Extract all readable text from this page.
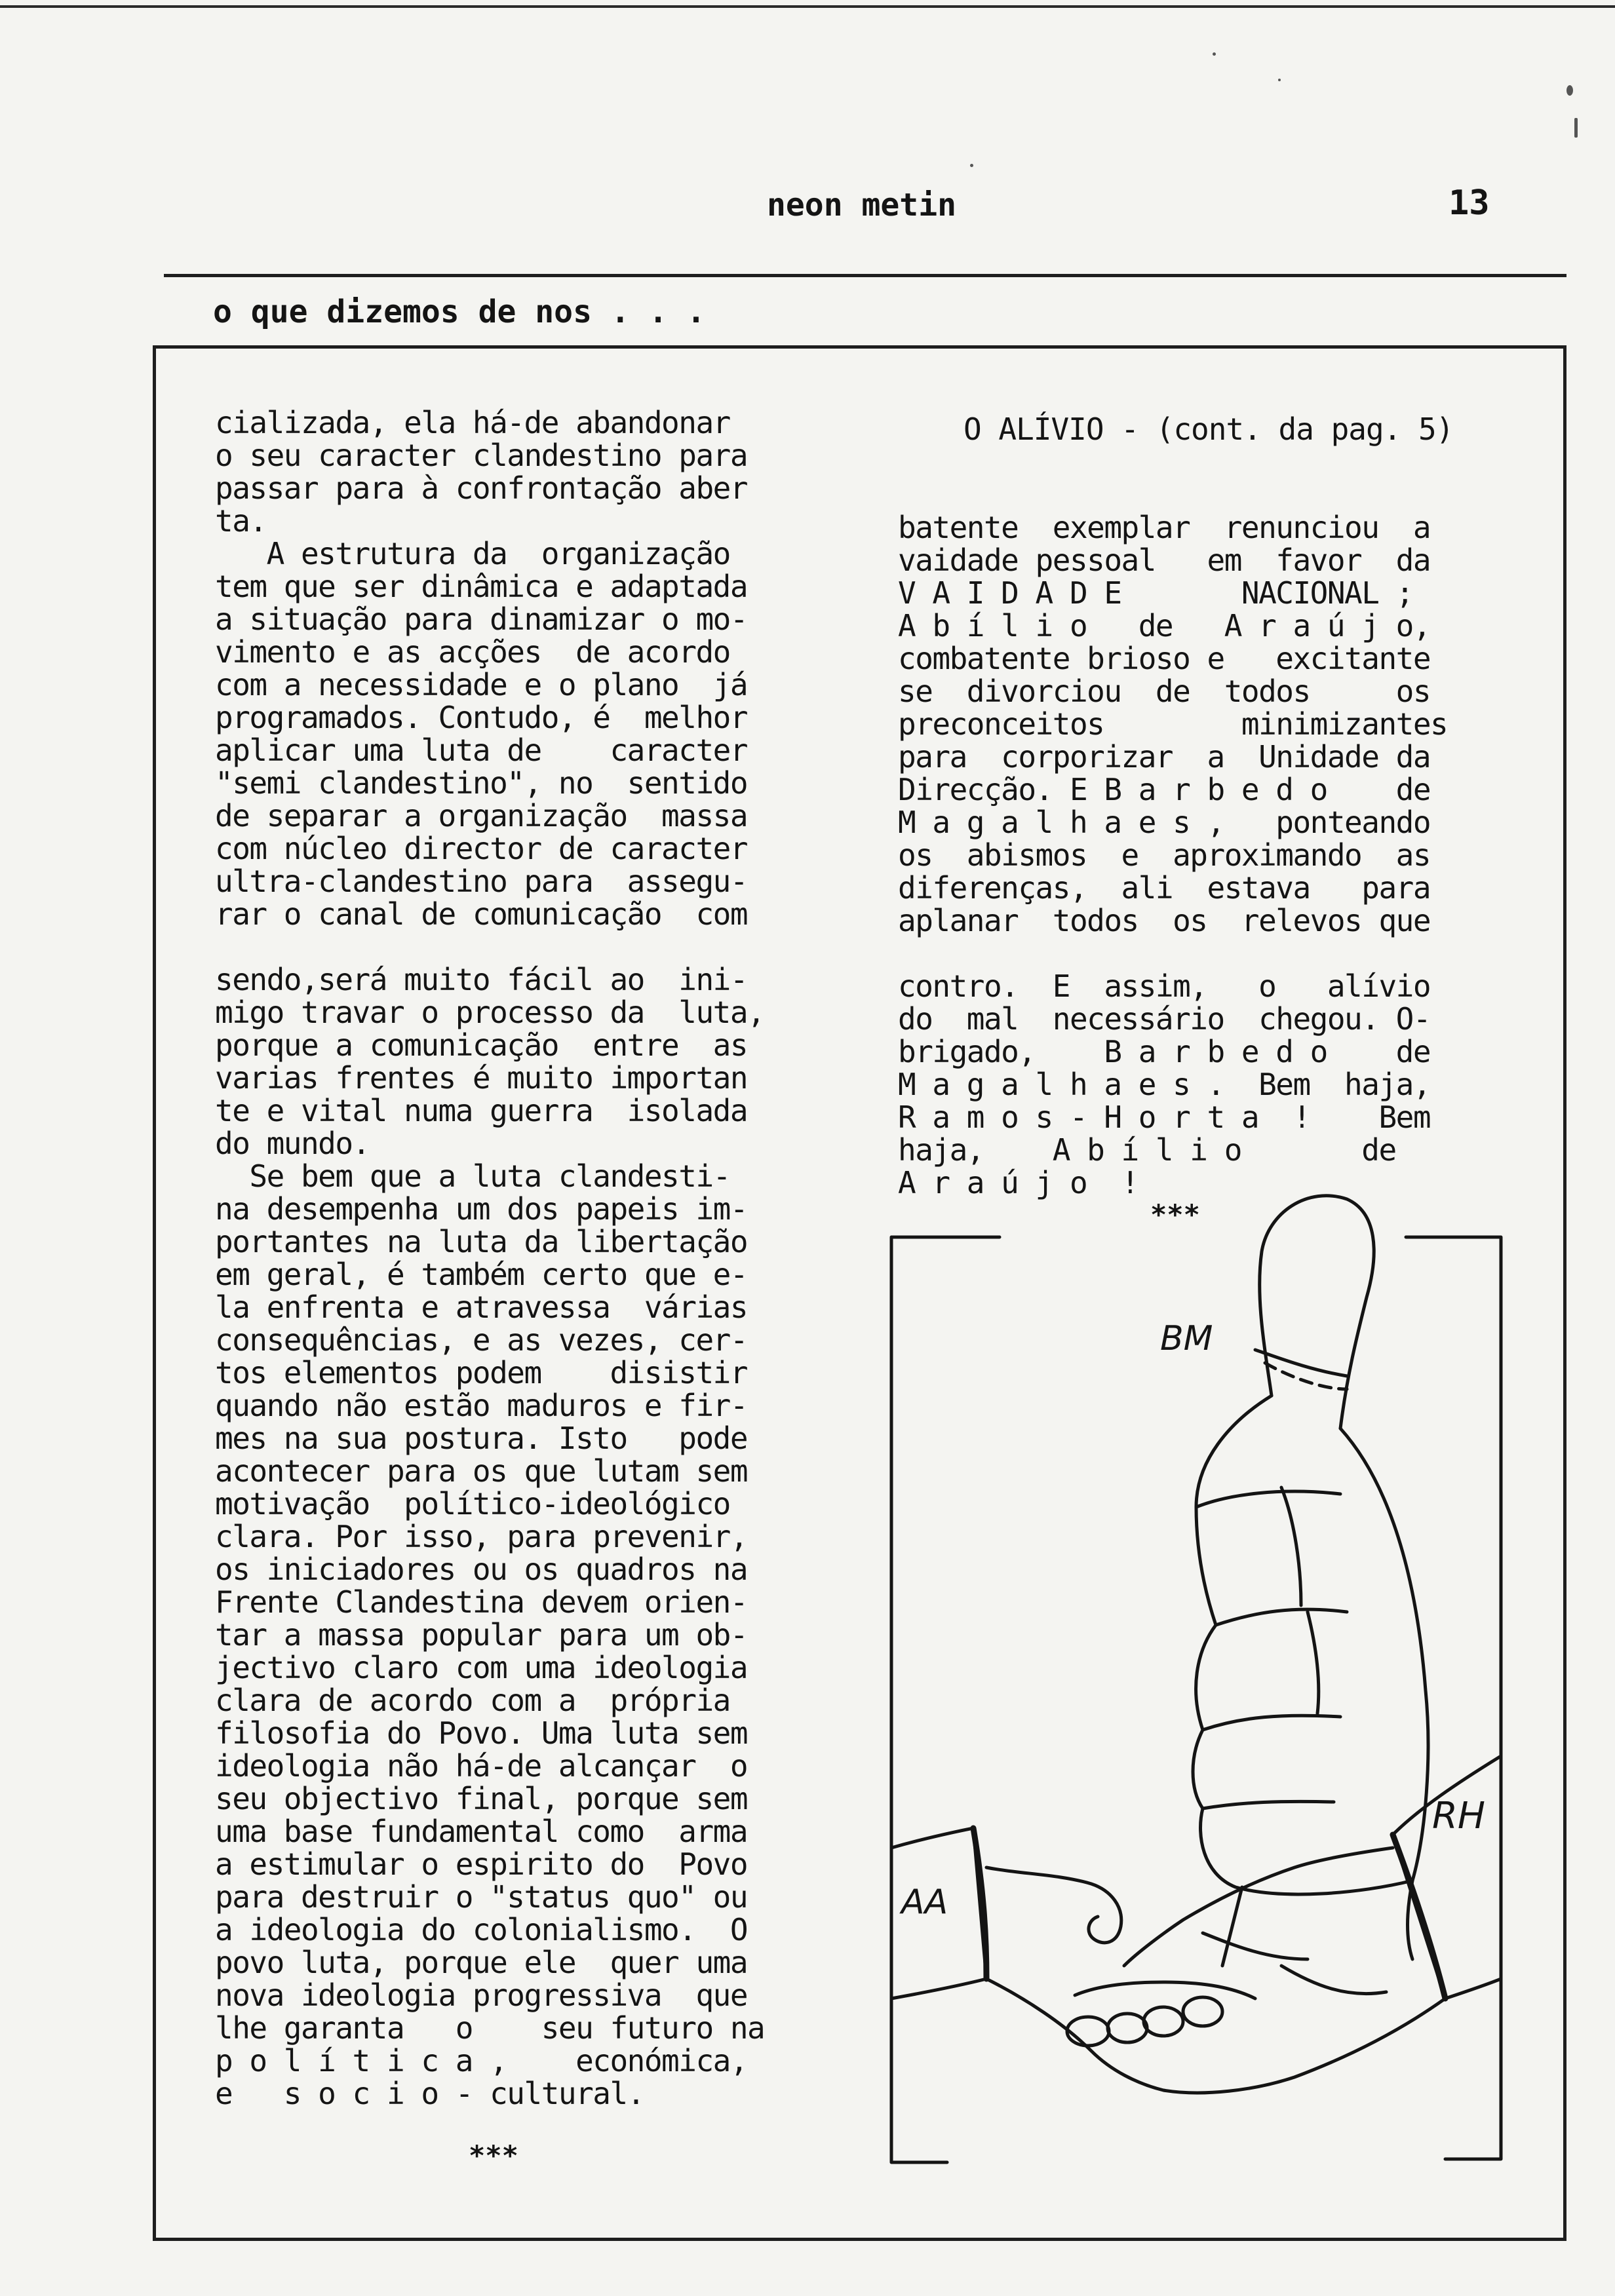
neon metin	13
o que dizemos de nos . . .
cializada, ela há-de abandonar
o seu caracter clandestino para
passar para à confrontação aber
ta.
A estrutura da  organização
tem que ser dinâmica e adaptada
a situação para dinamizar o mo-
vimento e as acções  de acordo
com a necessidade e o plano  já
programados. Contudo, é  melhor
aplicar uma luta de    caracter
"semi clandestino", no  sentido
de separar a organização  massa
com núcleo director de caracter
ultra-clandestino para  assegu-
rar o canal de comunicação  com

sendo,será muito fácil ao  ini-
migo travar o processo da  luta,
porque a comunicação  entre  as
varias frentes é muito importan
te e vital numa guerra  isolada
do mundo.
Se bem que a luta clandesti-
na desempenha um dos papeis im-
portantes na luta da libertação
em geral, é também certo que e-
la enfrenta e atravessa  várias
consequências, e as vezes, cer-
tos elementos podem    disistir
quando não estão maduros e fir-
mes na sua postura. Isto   pode
acontecer para os que lutam sem
motivação  político-ideológico
clara. Por isso, para prevenir,
os iniciadores ou os quadros na
Frente Clandestina devem orien-
tar a massa popular para um ob-
jectivo claro com uma ideologia
clara de acordo com a  própria
filosofia do Povo. Uma luta sem
ideologia não há-de alcançar  o
seu objectivo final, porque sem
uma base fundamental como  arma
a estimular o espirito do  Povo
para destruir o "status quo" ou
a ideologia do colonialismo.  O
povo luta, porque ele  quer uma
nova ideologia progressiva  que
lhe garanta   o    seu futuro na
p o l í t i c a ,    económica,
e   s o c i o - cultural.
***
O ALÍVIO - (cont. da pag. 5)
batente  exemplar  renunciou  a
vaidade pessoal   em  favor  da
V A I D A D E       NACIONAL ;
A b í l i o   de   A r a ú j o,
combatente brioso e   excitante
se  divorciou  de  todos     os
preconceitos        minimizantes
para  corporizar  a  Unidade da
Direcção. E B a r b e d o    de
M a g a l h a e s ,   ponteando
os  abismos  e  aproximando  as
diferenças,  ali  estava   para
aplanar  todos  os  relevos que

contro.  E  assim,   o   alívio
do  mal  necessário  chegou. O-
brigado,    B a r b e d o    de
M a g a l h a e s .  Bem  haja,
R a m o s - H o r t a  !    Bem
haja,    A b í l i o       de
A r a ú j o  !
***
BM
AA
RH
